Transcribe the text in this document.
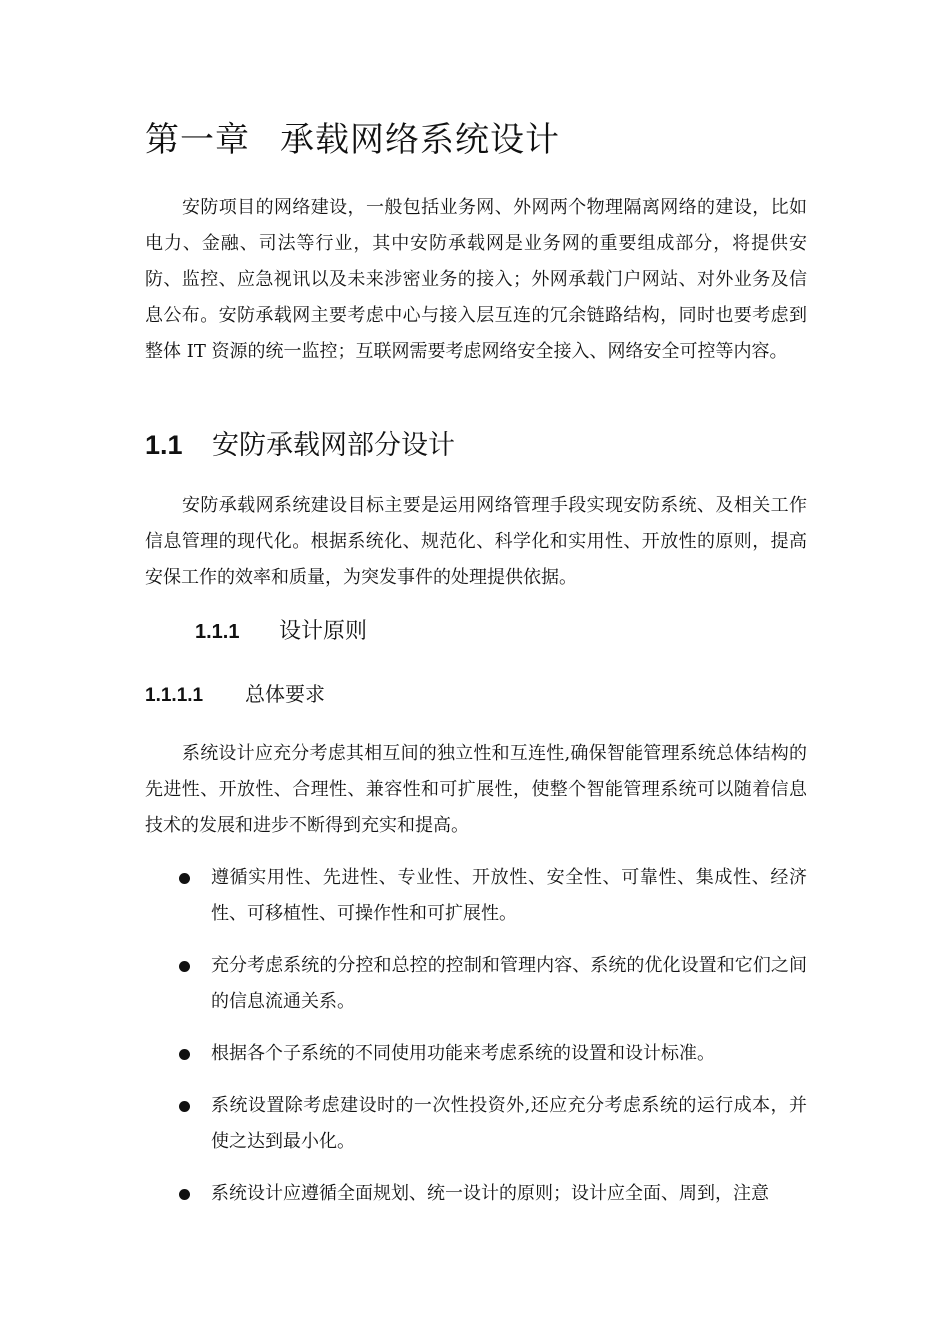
第一章 承载网络系统设计

安防项目的网络建设，一般包括业务网、外网两个物理隔离网络的建设，比如电力、金融、司法等行业，其中安防承载网是业务网的重要组成部分，将提供安防、监控、应急视讯以及未来涉密业务的接入；外网承载门户网站、对外业务及信息公布。安防承载网主要考虑中心与接入层互连的冗余链路结构，同时也要考虑到整体 IT 资源的统一监控；互联网需要考虑网络安全接入、网络安全可控等内容。

1.1 安防承载网部分设计

安防承载网系统建设目标主要是运用网络管理手段实现安防系统、及相关工作信息管理的现代化。根据系统化、规范化、科学化和实用性、开放性的原则，提高安保工作的效率和质量，为突发事件的处理提供依据。

1.1.1 设计原则
1.1.1.1 总体要求

系统设计应充分考虑其相互间的独立性和互连性,确保智能管理系统总体结构的先进性、开放性、合理性、兼容性和可扩展性，使整个智能管理系统可以随着信息技术的发展和进步不断得到充实和提高。

遵循实用性、先进性、专业性、开放性、安全性、可靠性、集成性、经济性、可移植性、可操作性和可扩展性。
充分考虑系统的分控和总控的控制和管理内容、系统的优化设置和它们之间的信息流通关系。
根据各个子系统的不同使用功能来考虑系统的设置和设计标准。
系统设置除考虑建设时的一次性投资外,还应充分考虑系统的运行成本，并使之达到最小化。
系统设计应遵循全面规划、统一设计的原则；设计应全面、周到，注意
